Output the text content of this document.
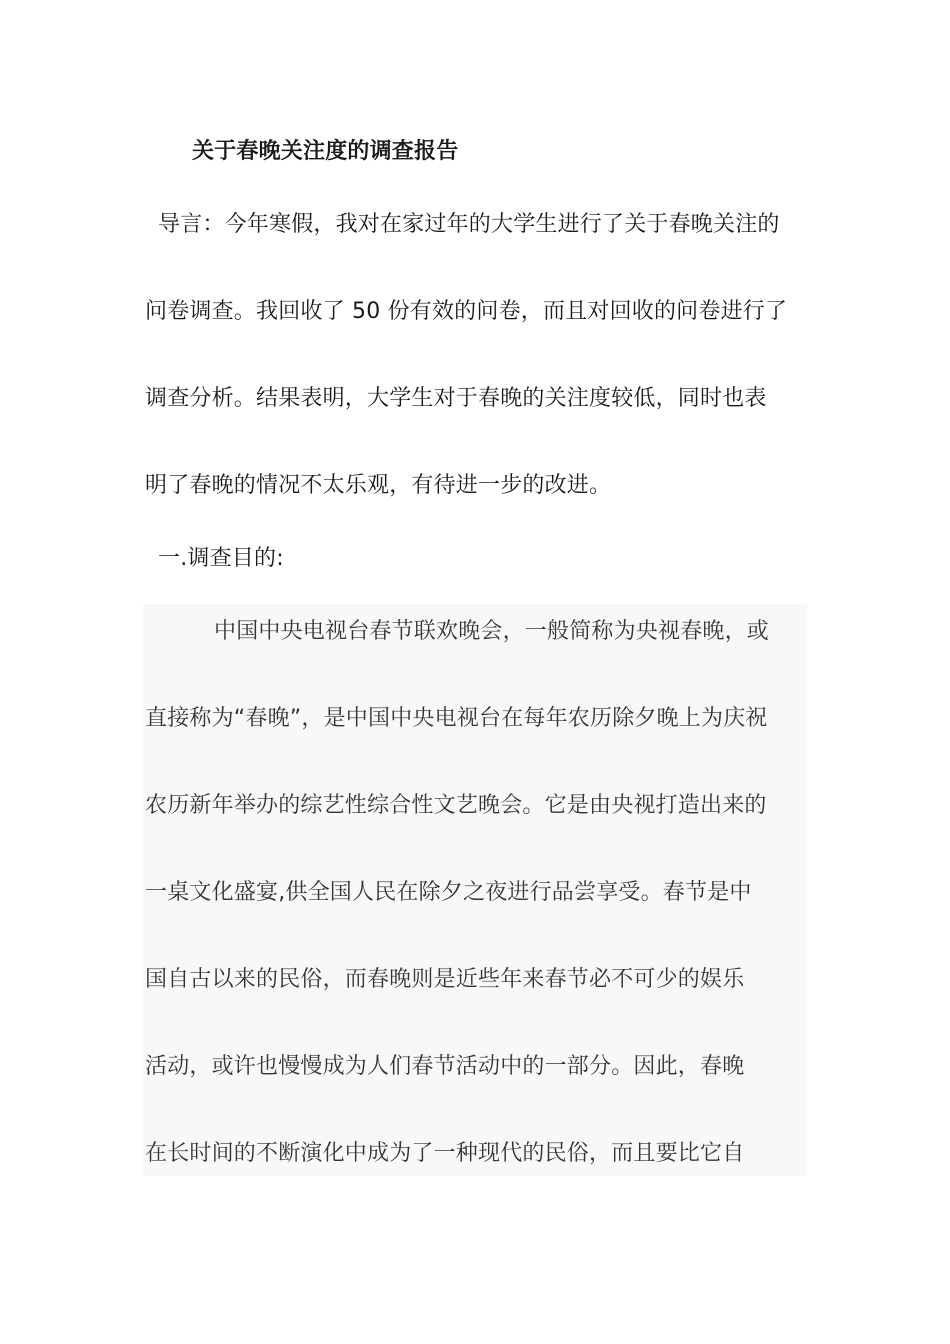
关于春晚关注度的调查报告
导言：今年寒假，我对在家过年的大学生进行了关于春晚关注的
问卷调查。我回收了 50 份有效的问卷，而且对回收的问卷进行了
调查分析。结果表明，大学生对于春晚的关注度较低，同时也表
明了春晚的情况不太乐观，有待进一步的改进。
一.调查目的:
中国中央电视台春节联欢晚会，一般简称为央视春晚，或
直接称为“春晚”，是中国中央电视台在每年农历除夕晚上为庆祝
农历新年举办的综艺性综合性文艺晚会。它是由央视打造出来的
一桌文化盛宴,供全国人民在除夕之夜进行品尝享受。春节是中
国自古以来的民俗，而春晚则是近些年来春节必不可少的娱乐
活动，或许也慢慢成为人们春节活动中的一部分。因此，春晚
在长时间的不断演化中成为了一种现代的民俗，而且要比它自
